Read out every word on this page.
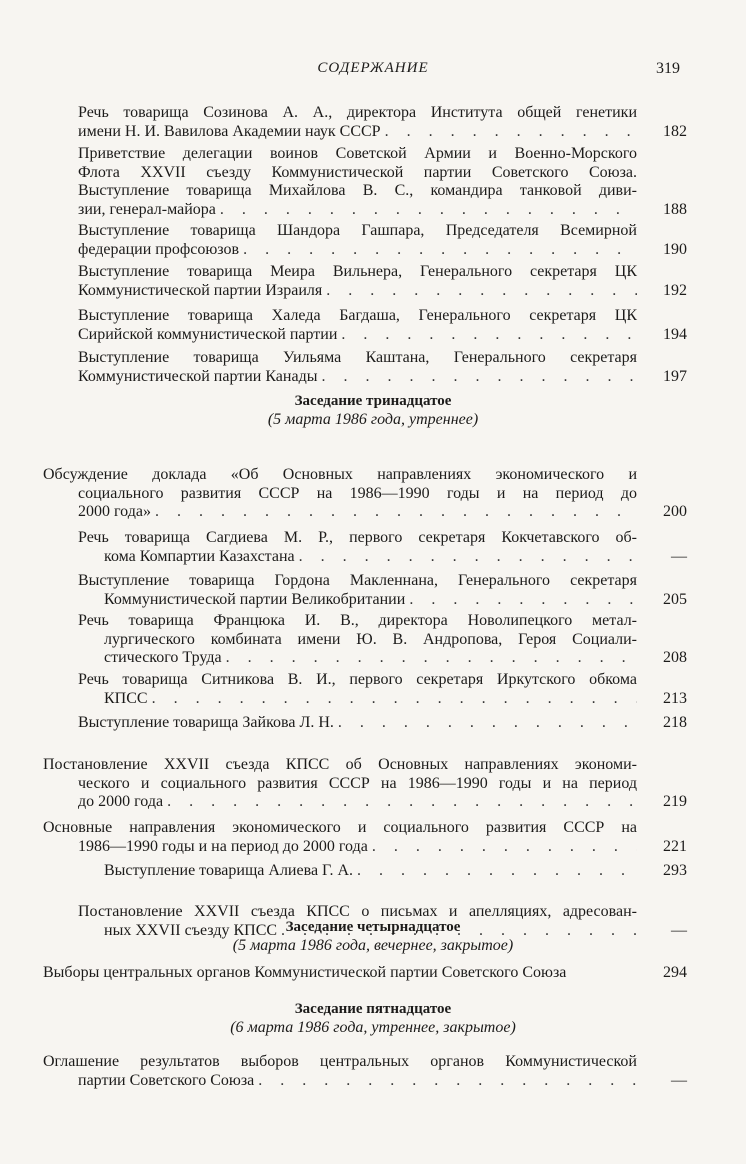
СОДЕРЖАНИЕ	319
Речь товарища Созинова А. А., директора Института общей генетики
имени Н. И. Вавилова Академии наук СССР . . .	182
Приветствие делегации воинов Советской Армии и Военно-Морского
Флота XXVII съезду Коммунистической партии Советского Союза.
Выступление товарища Михайлова В. С., командира танковой диви-
зии, генерал-майора . . .	188
Выступление товарища Шандора Гашпара, Председателя Всемирной
федерации профсоюзов . . .	190
Выступление товарища Меира Вильнера, Генерального секретаря ЦК
Коммунистической партии Израиля . . .	192
Выступление товарища Халеда Багдаша, Генерального секретаря ЦК
Сирийской коммунистической партии . . .	194
Выступление товарища Уильяма Каштана, Генерального секретаря
Коммунистической партии Канады . . .	197
Обсуждение доклада «Об Основных направлениях экономического и
социального развития СССР на 1986—1990 годы и на период до
2000 года» . . .	200
Речь товарища Сагдиева М. Р., первого секретаря Кокчетавского об-
кома Компартии Казахстана . . .	—
Выступление товарища Гордона Макленнана, Генерального секретаря
Коммунистической партии Великобритании . . .	205
Речь товарища Францюка И. В., директора Новолипецкого метал-
лургического комбината имени Ю. В. Андропова, Героя Социали-
стического Труда . . .	208
Речь товарища Ситникова В. И., первого секретаря Иркутского обкома
КПСС . . .	213
Выступление товарища Зайкова Л. Н. . . .	218
Постановление XXVII съезда КПСС об Основных направлениях экономи-
ческого и социального развития СССР на 1986—1990 годы и на период
до 2000 года . . .	219
Основные направления экономического и социального развития СССР на
1986—1990 годы и на период до 2000 года . . .	221
Выступление товарища Алиева Г. А. . . .	293
Постановление XXVII съезда КПСС о письмах и апелляциях, адресован-
ных XXVII съезду КПСС . . .	—
Выборы центральных органов Коммунистической партии Советского Союза	294
Оглашение результатов выборов центральных органов Коммунистической
партии Советского Союза . . .	—
Заседание тринадцатое
(5 марта 1986 года, утреннее)
Заседание четырнадцатое
(5 марта 1986 года, вечернее, закрытое)
Заседание пятнадцатое
(6 марта 1986 года, утреннее, закрытое)
